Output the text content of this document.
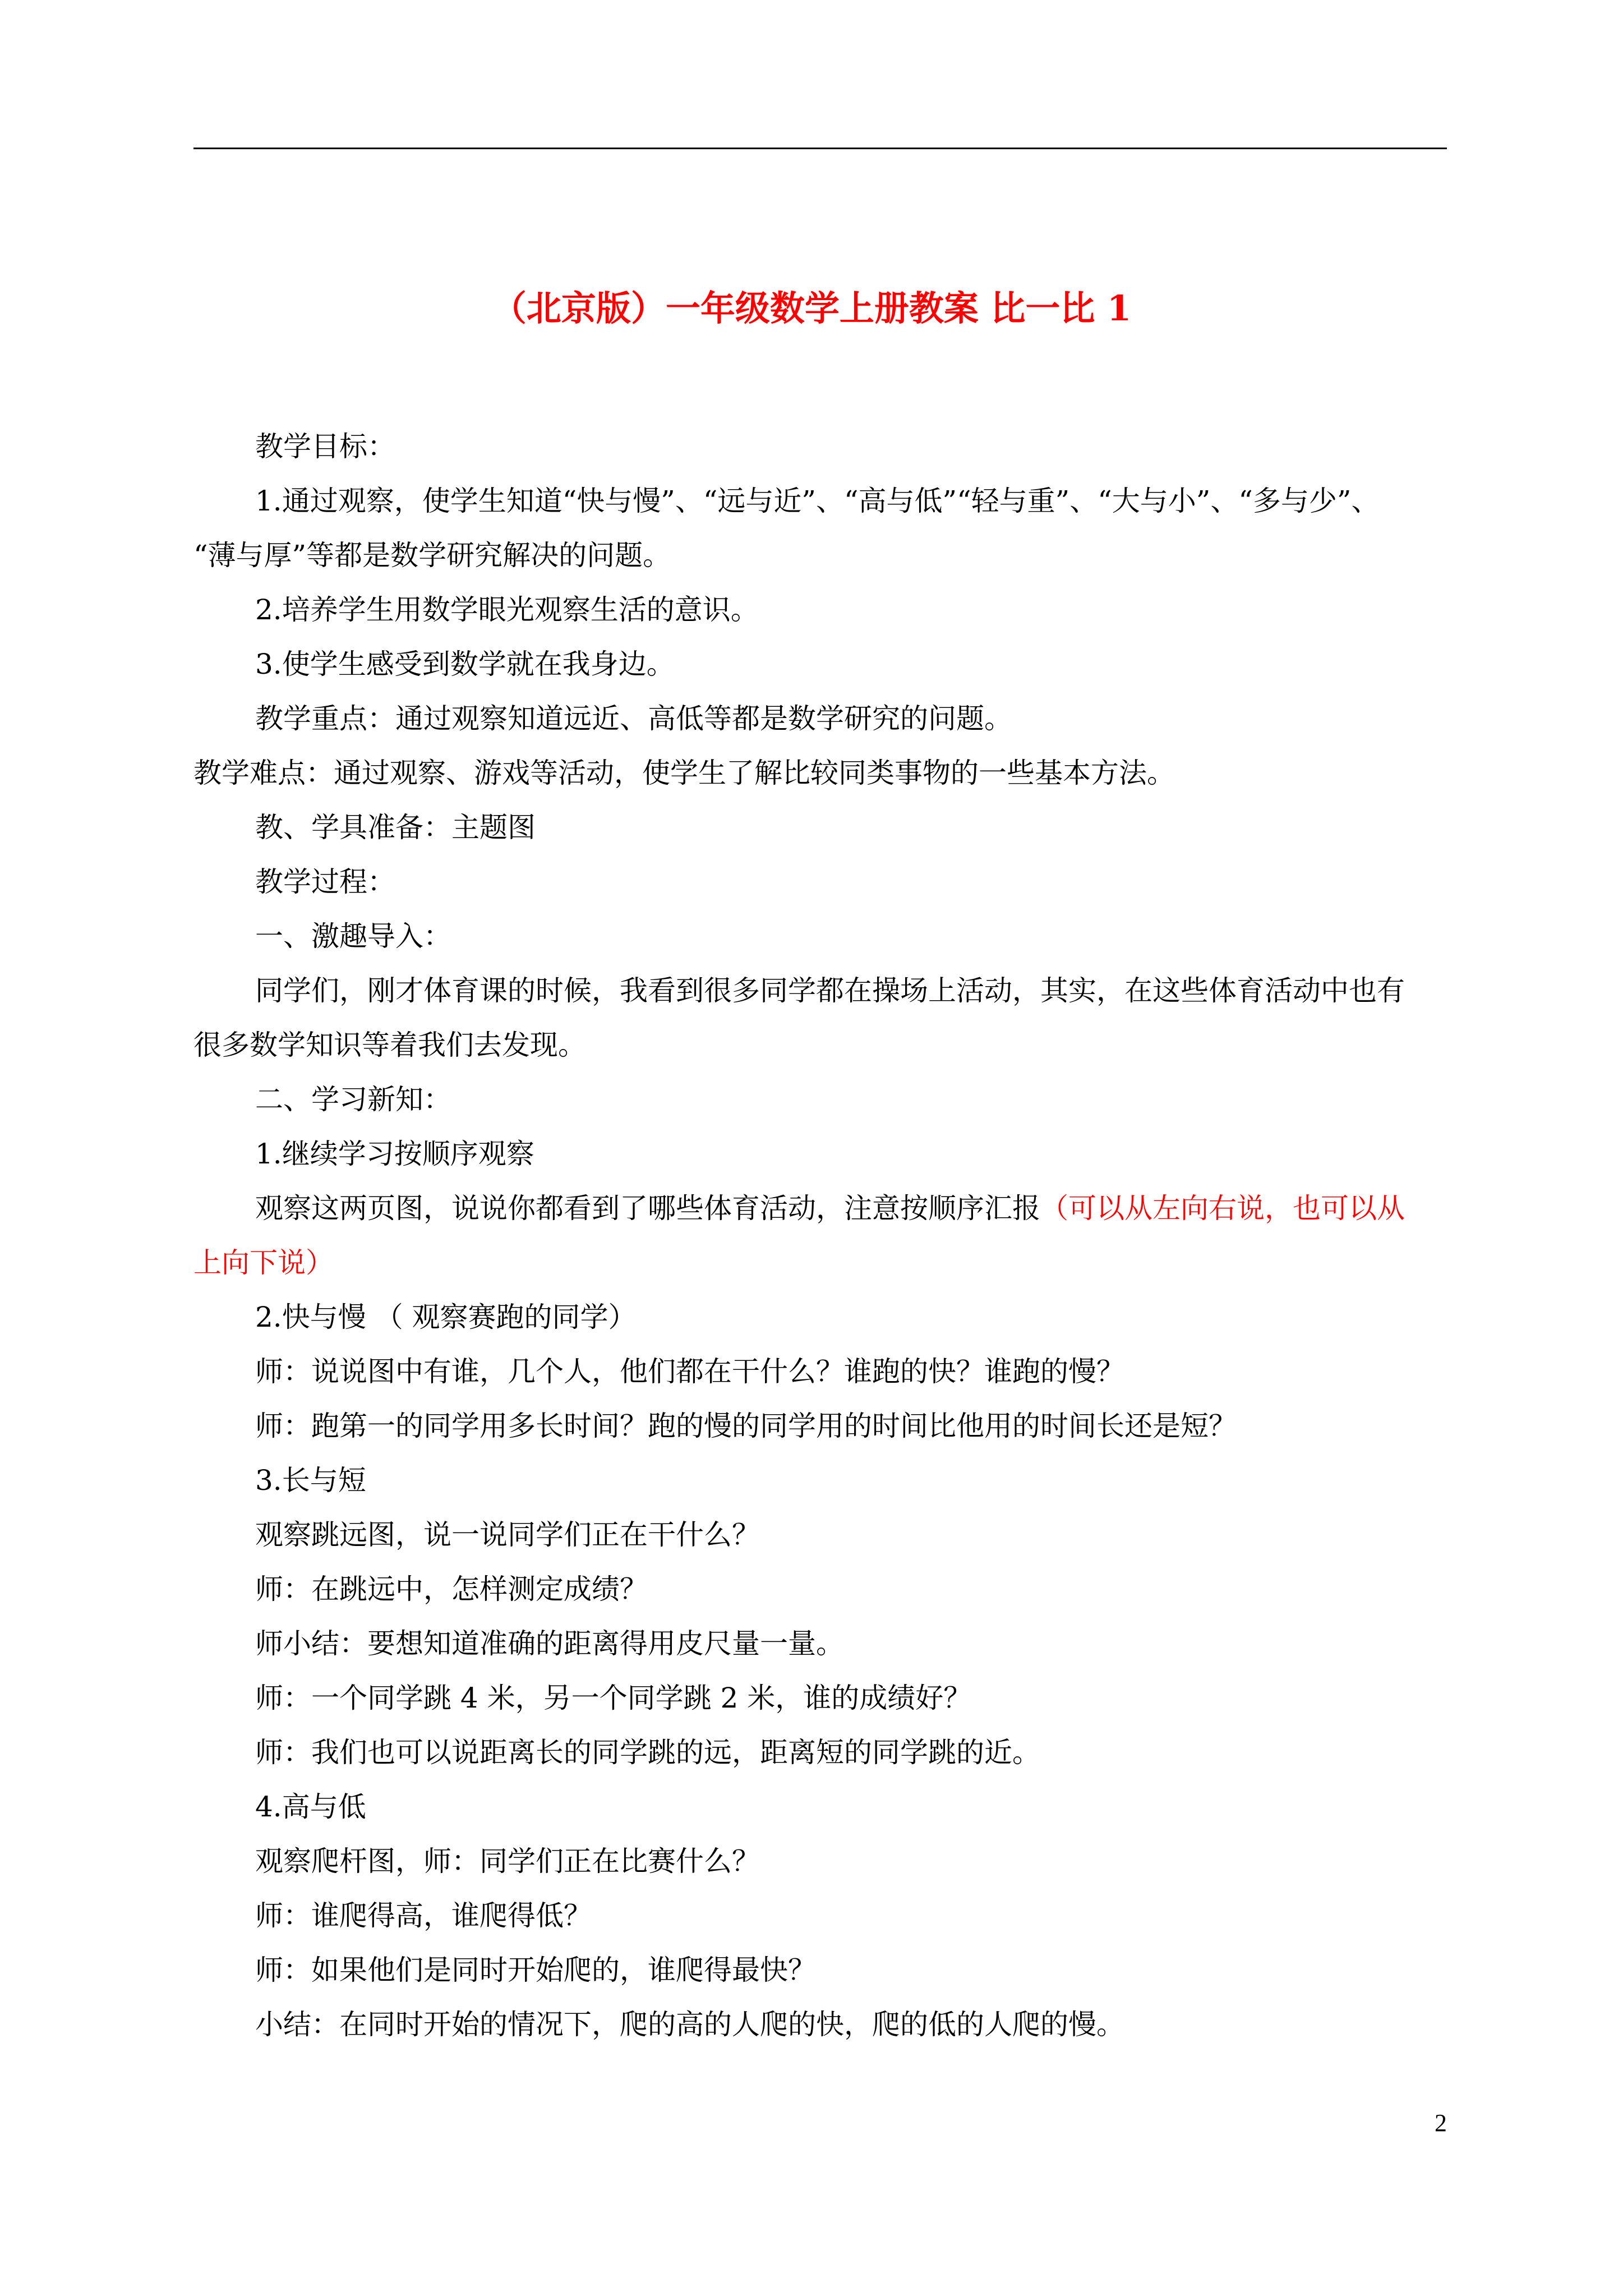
（北京版）一年级数学上册教案 比一比 1
教学目标：
1.通过观察，使学生知道“快与慢”、“远与近”、“高与低”“轻与重”、“大与小”、“多与少”、
“薄与厚”等都是数学研究解决的问题。
2.培养学生用数学眼光观察生活的意识。
3.使学生感受到数学就在我身边。
教学重点：通过观察知道远近、高低等都是数学研究的问题。
教学难点：通过观察、游戏等活动，使学生了解比较同类事物的一些基本方法。
教、学具准备：主题图
教学过程：
一、激趣导入：
同学们，刚才体育课的时候，我看到很多同学都在操场上活动，其实，在这些体育活动中也有
很多数学知识等着我们去发现。
二、学习新知：
1.继续学习按顺序观察
观察这两页图，说说你都看到了哪些体育活动，注意按顺序汇报（可以从左向右说，也可以从
上向下说）
2.快与慢 （ 观察赛跑的同学）
师：说说图中有谁，几个人，他们都在干什么？谁跑的快？谁跑的慢？
师：跑第一的同学用多长时间？跑的慢的同学用的时间比他用的时间长还是短？
3.长与短
观察跳远图，说一说同学们正在干什么？
师：在跳远中，怎样测定成绩？
师小结：要想知道准确的距离得用皮尺量一量。
师：一个同学跳 4 米，另一个同学跳 2 米，谁的成绩好？
师：我们也可以说距离长的同学跳的远，距离短的同学跳的近。
4.高与低
观察爬杆图，师：同学们正在比赛什么？
师：谁爬得高，谁爬得低？
师：如果他们是同时开始爬的，谁爬得最快？
小结：在同时开始的情况下，爬的高的人爬的快，爬的低的人爬的慢。
2
